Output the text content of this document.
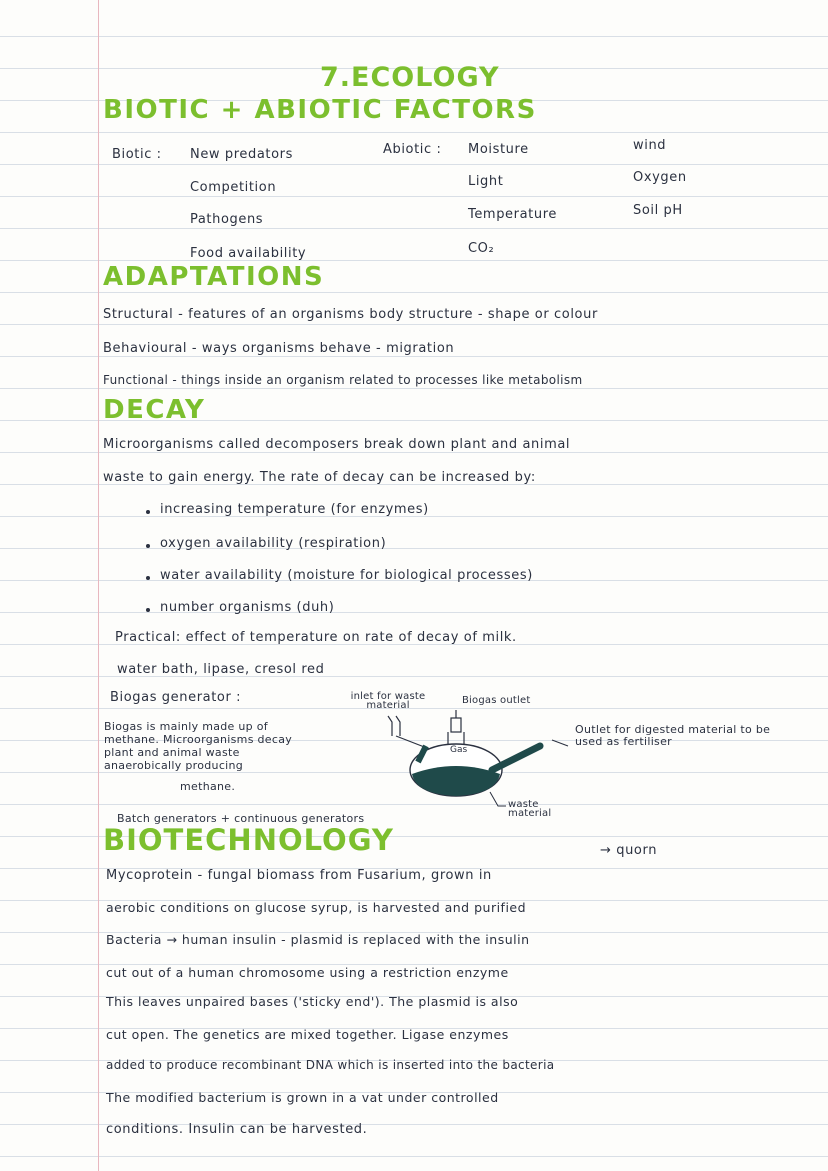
7.ECOLOGY
BIOTIC + ABIOTIC FACTORS
Biotic : New predators
Competition
Pathogens
Food availability
Abiotic : Moisture
Light
Temperature
CO₂
wind
Oxygen
Soil pH
ADAPTATIONS
Structural - features of an organisms body structure - shape or colour
Behavioural - ways organisms behave - migration
Functional - things inside an organism related to processes like metabolism
DECAY
Microorganisms called decomposers break down plant and animal
waste to gain energy. The rate of decay can be increased by:
increasing temperature (for enzymes)
oxygen availability (respiration)
water availability (moisture for biological processes)
number organisms (duh)
Practical: effect of temperature on rate of decay of milk.
water bath, lipase, cresol red
Biogas generator :
Biogas is mainly made up of
methane. Microorganisms decay
plant and animal waste
anaerobically producing
methane.
Gas
inlet for waste material	Biogas outlet
Outlet for digested material to be used as fertiliser
waste material
Batch generators + continuous generators
BIOTECHNOLOGY	→ quorn
Mycoprotein - fungal biomass from Fusarium, grown in
aerobic conditions on glucose syrup, is harvested and purified
Bacteria → human insulin - plasmid is replaced with the insulin
cut out of a human chromosome using a restriction enzyme
This leaves unpaired bases ('sticky end'). The plasmid is also
cut open. The genetics are mixed together. Ligase enzymes
added to produce recombinant DNA which is inserted into the bacteria
The modified bacterium is grown in a vat under controlled
conditions. Insulin can be harvested.
